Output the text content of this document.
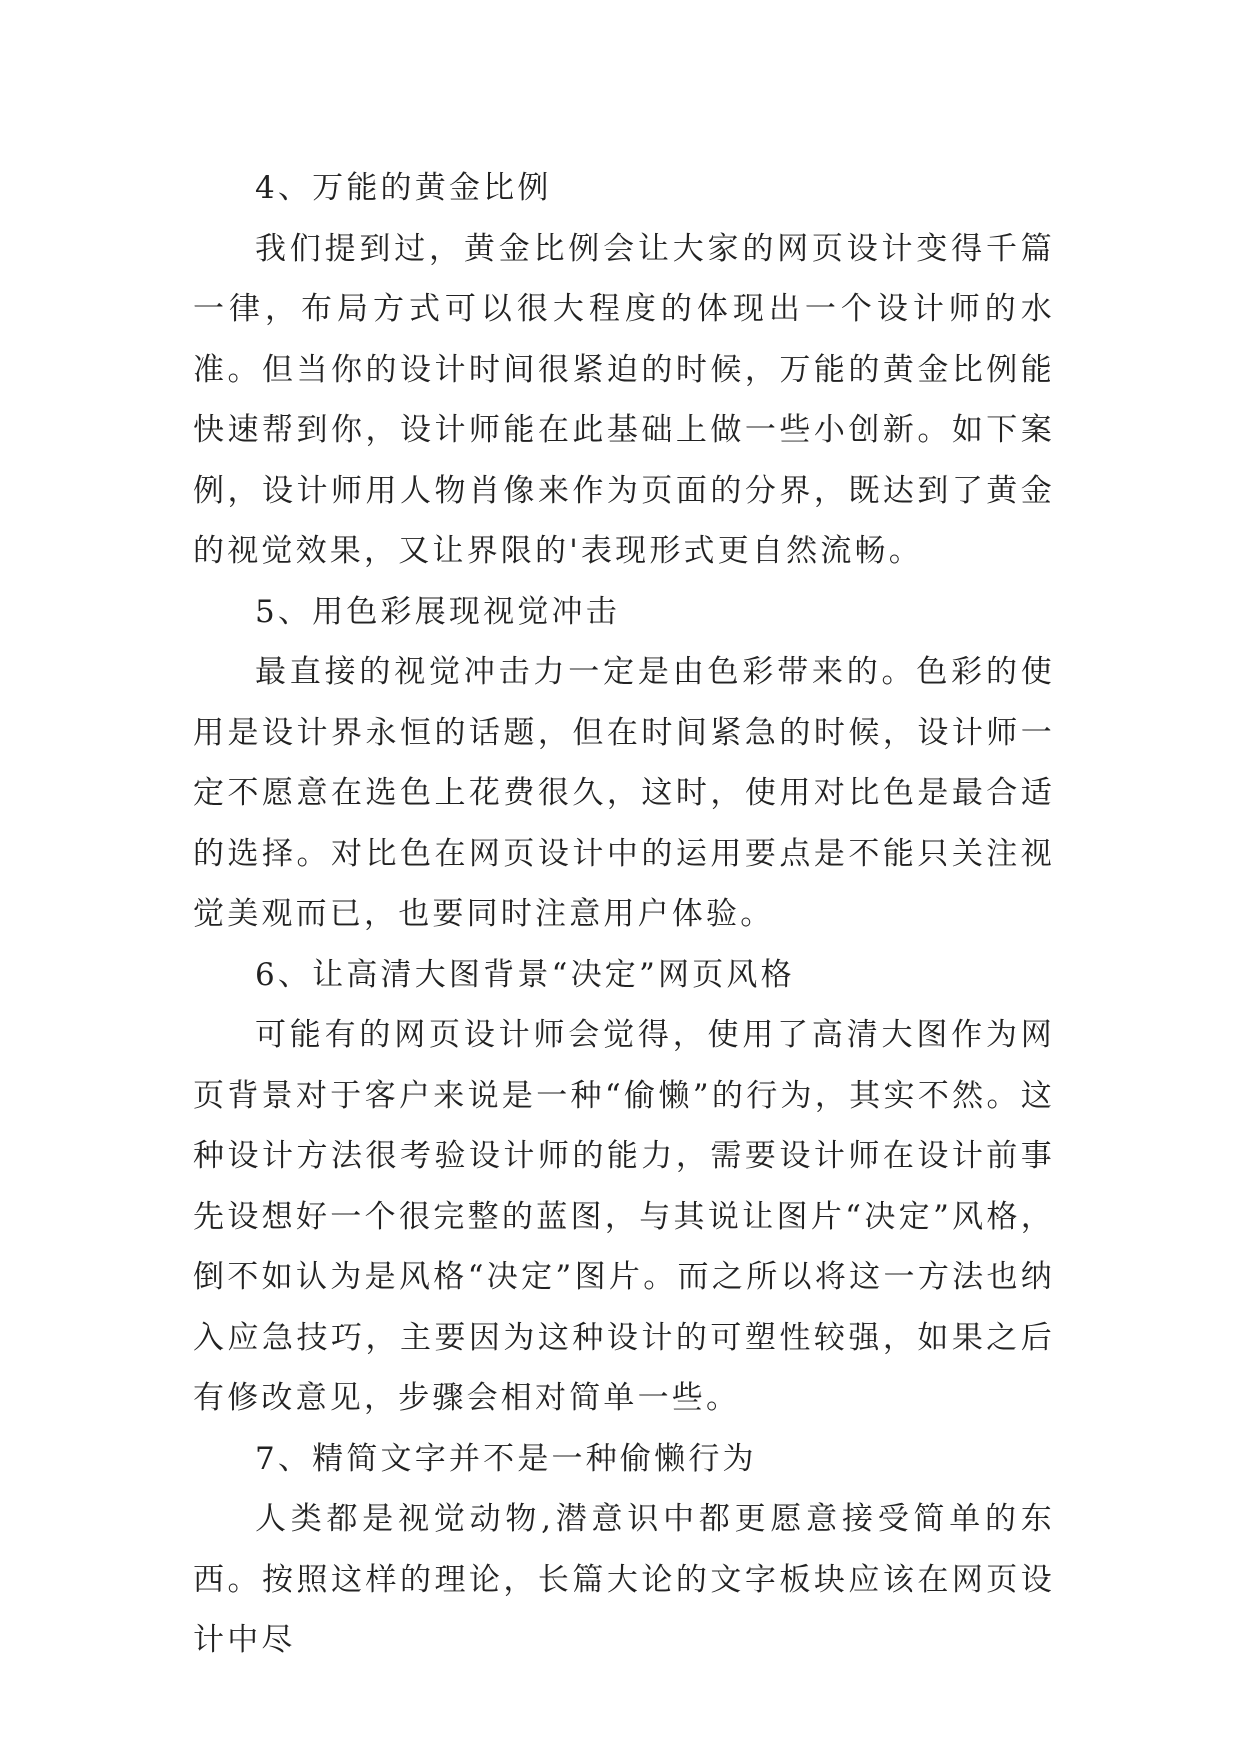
4、万能的黄金比例

我们提到过，黄金比例会让大家的网页设计变得千篇一律，布局方式可以很大程度的体现出一个设计师的水准。但当你的设计时间很紧迫的时候，万能的黄金比例能快速帮到你，设计师能在此基础上做一些小创新。如下案例，设计师用人物肖像来作为页面的分界，既达到了黄金的视觉效果，又让界限的'表现形式更自然流畅。

5、用色彩展现视觉冲击

最直接的视觉冲击力一定是由色彩带来的。色彩的使用是设计界永恒的话题，但在时间紧急的时候，设计师一定不愿意在选色上花费很久，这时，使用对比色是最合适的选择。对比色在网页设计中的运用要点是不能只关注视觉美观而已，也要同时注意用户体验。

6、让高清大图背景“决定”网页风格

可能有的网页设计师会觉得，使用了高清大图作为网页背景对于客户来说是一种“偷懒”的行为，其实不然。这种设计方法很考验设计师的能力，需要设计师在设计前事先设想好一个很完整的蓝图，与其说让图片“决定”风格，倒不如认为是风格“决定”图片。而之所以将这一方法也纳入应急技巧，主要因为这种设计的可塑性较强，如果之后有修改意见，步骤会相对简单一些。

7、精简文字并不是一种偷懒行为

人类都是视觉动物,潜意识中都更愿意接受简单的东西。按照这样的理论，长篇大论的文字板块应该在网页设计中尽
